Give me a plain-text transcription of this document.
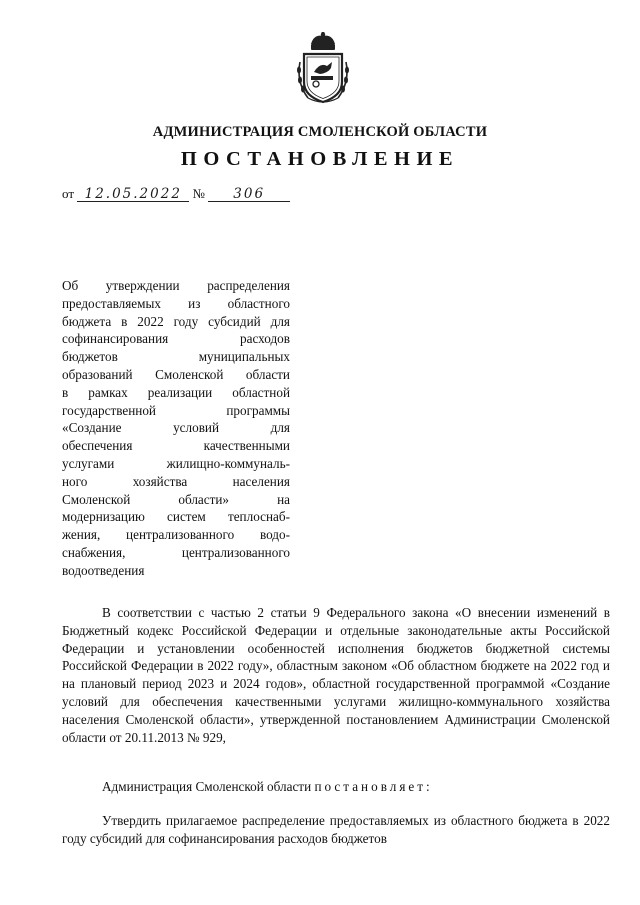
АДМИНИСТРАЦИЯ СМОЛЕНСКОЙ ОБЛАСТИ
ПОСТАНОВЛЕНИЕ
от 12.05.2022 № 306
Об утверждении распределения
предоставляемых из областного
бюджета в 2022 году субсидий для
софинансирования расходов
бюджетов муниципальных
образований Смоленской области
в рамках реализации областной
государственной программы
«Создание условий для
обеспечения качественными
услугами жилищно-коммуналь-
ного хозяйства населения
Смоленской области» на
модернизацию систем теплоснаб-
жения, централизованного водо-
снабжения, централизованного
водоотведения
В соответствии с частью 2 статьи 9 Федерального закона «О внесении изменений в Бюджетный кодекс Российской Федерации и отдельные законодательные акты Российской Федерации и установлении особенностей исполнения бюджетов бюджетной системы Российской Федерации в 2022 году», областным законом «Об областном бюджете на 2022 год и на плановый период 2023 и 2024 годов», областной государственной программой «Создание условий для обеспечения качественными услугами жилищно-коммунального хозяйства населения Смоленской области», утвержденной постановлением Администрации Смоленской области от 20.11.2013 № 929,
Администрация Смоленской области постановляет:
Утвердить прилагаемое распределение предоставляемых из областного бюджета в 2022 году субсидий для софинансирования расходов бюджетов
